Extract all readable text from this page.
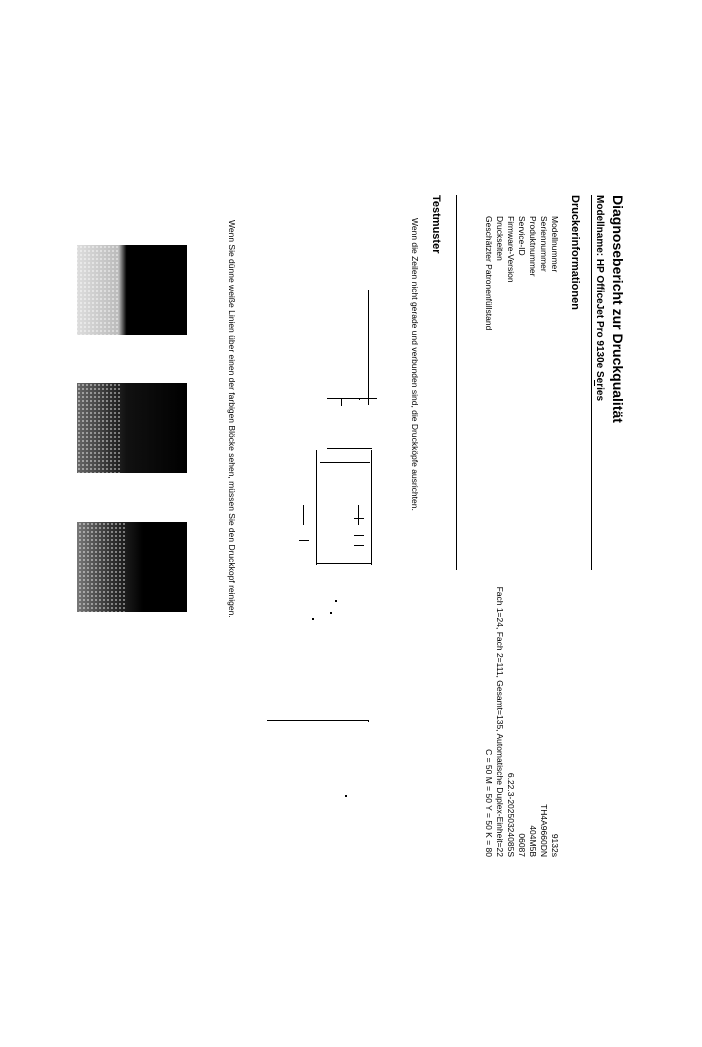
Diagnosebericht zur Druckqualität
Modellname: HP OfficeJet Pro 9130e Series
Druckerinformationen
Modellnummer
Seriennummer
Produktnummer
Service-ID
Firmware-Version
Druckseiten
Geschätzter Patronenfüllstand
9132s
TH4A9660DN
404M5B
06087
6.22.3-20250324085S
Fach 1=24, Fach 2=111, Gesamt=135, Automatische Duplex-Einheit=22
C = 50 M = 50 Y = 50 K = 80
Testmuster
Wenn die Zeilen nicht gerade und verbunden sind, die Druckköpfe ausrichten.
Wenn Sie dünne weiße Linien über einen der farbigen Blöcke sehen, müssen Sie den Druckkopf reinigen.
